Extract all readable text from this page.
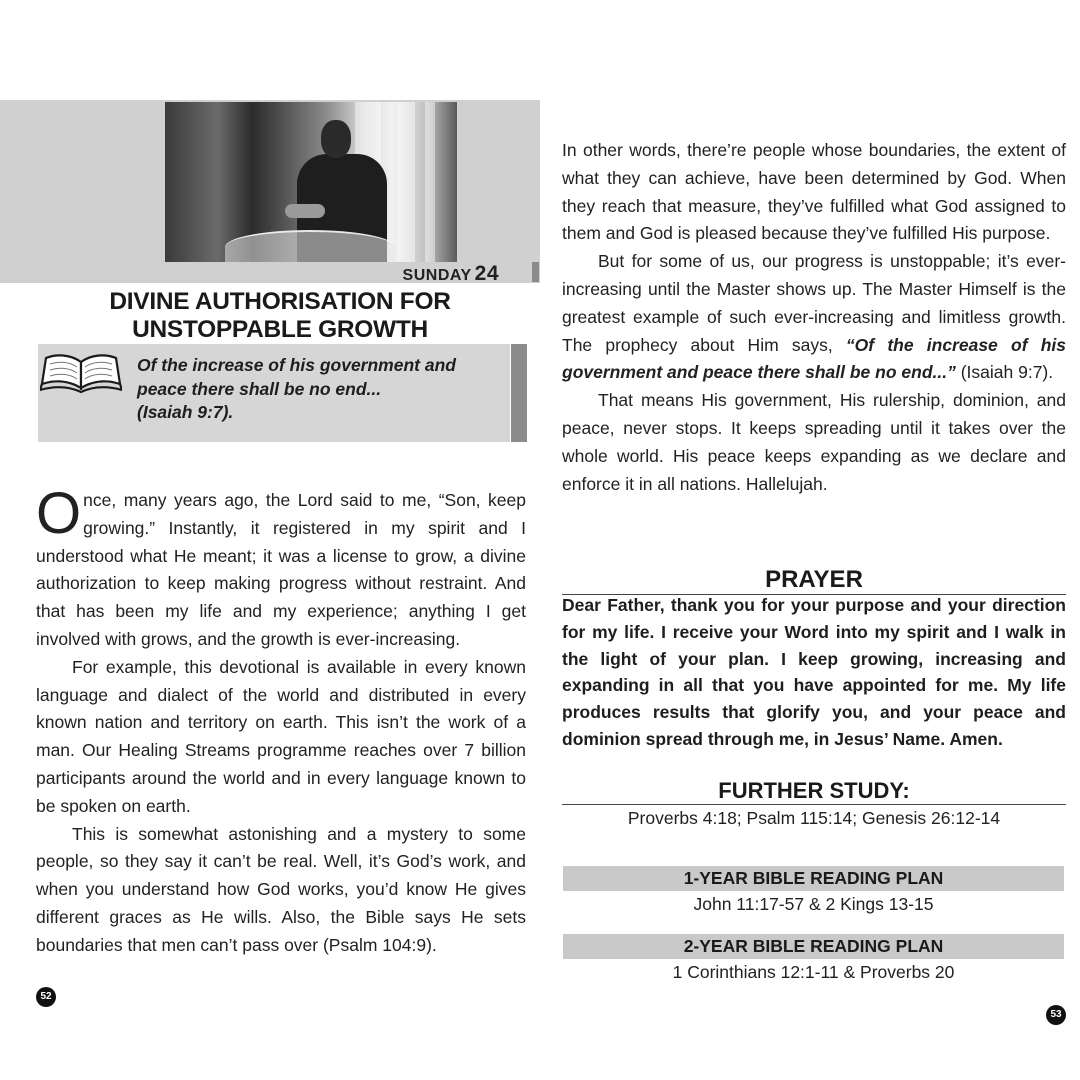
SUNDAY 24
DIVINE AUTHORISATION FOR
UNSTOPPABLE GROWTH
Of the increase of his government and
peace there shall be no end...
(Isaiah 9:7).

Once, many years ago, the Lord said to me, “Son, keep growing.” Instantly, it registered in my spirit and I understood what He meant; it was a license to grow, a divine authorization to keep making progress without restraint. And that has been my life and my experience; anything I get involved with grows, and the growth is ever-increasing.

For example, this devotional is available in every known language and dialect of the world and distributed in every known nation and territory on earth. This isn’t the work of a man. Our Healing Streams programme reaches over 7 billion participants around the world and in every language known to be spoken on earth.

This is somewhat astonishing and a mystery to some people, so they say it can’t be real. Well, it’s God’s work, and when you understand how God works, you’d know He gives different graces as He wills. Also, the Bible says He sets boundaries that men can’t pass over (Psalm 104:9).

52

In other words, there’re people whose boundaries, the extent of what they can achieve, have been determined by God. When they reach that measure, they’ve fulfilled what God assigned to them and God is pleased because they’ve fulfilled His purpose.

But for some of us, our progress is unstoppable; it’s ever-increasing until the Master shows up. The Master Himself is the greatest example of such ever-increasing and limitless growth. The prophecy about Him says, “Of the increase of his government and peace there shall be no end...” (Isaiah 9:7).

That means His government, His rulership, dominion, and peace, never stops. It keeps spreading until it takes over the whole world. His peace keeps expanding as we declare and enforce it in all nations. Hallelujah.

PRAYER
Dear Father, thank you for your purpose and your direction for my life. I receive your Word into my spirit and I walk in the light of your plan. I keep growing, increasing and expanding in all that you have appointed for me. My life produces results that glorify you, and your peace and dominion spread through me, in Jesus’ Name. Amen.
FURTHER STUDY:
Proverbs 4:18; Psalm 115:14; Genesis 26:12-14
1-YEAR BIBLE READING PLAN
John 11:17-57 & 2 Kings 13-15
2-YEAR BIBLE READING PLAN
1 Corinthians 12:1-11 & Proverbs 20
53
